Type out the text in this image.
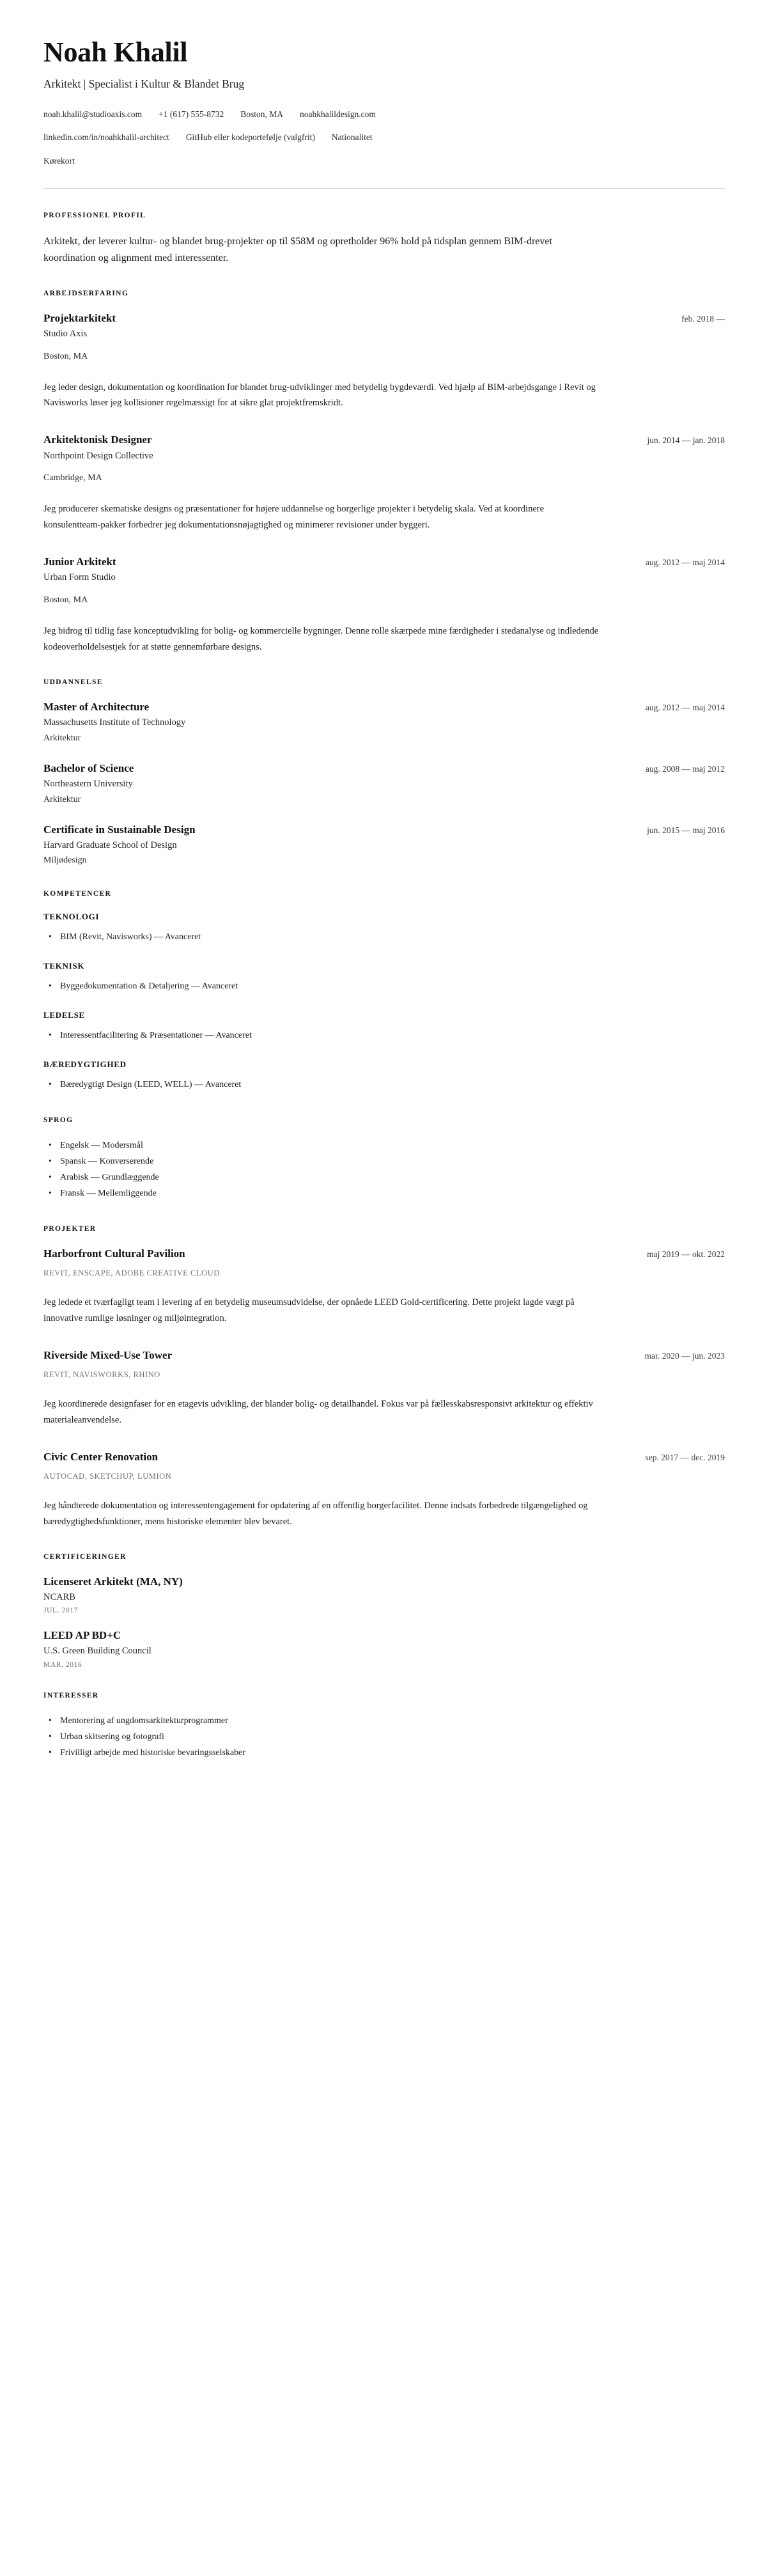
Noah Khalil
Arkitekt | Specialist i Kultur & Blandet Brug
noah.khalil@studioaxis.com +1 (617) 555-8732 Boston, MA noahkhalildesign.com
linkedin.com/in/noahkhalil-architect GitHub eller kodeportefølje (valgfrit) Nationalitet
Kørekort
PROFESSIONEL PROFIL

Arkitekt, der leverer kultur- og blandet brug-projekter op til $58M og opretholder 96% hold på tidsplan gennem BIM-drevet koordination og alignment med interessenter.

ARBEJDSERFARING
Projektarkitekt	feb. 2018 —
Studio Axis
Boston, MA

Jeg leder design, dokumentation og koordination for blandet brug-udviklinger med betydelig bygdeværdi. Ved hjælp af BIM-arbejdsgange i Revit og Navisworks løser jeg kollisioner regelmæssigt for at sikre glat projektfremskridt.

Arkitektonisk Designer	jun. 2014 — jan. 2018
Northpoint Design Collective
Cambridge, MA

Jeg producerer skematiske designs og præsentationer for højere uddannelse og borgerlige projekter i betydelig skala. Ved at koordinere konsulentteam-pakker forbedrer jeg dokumentationsnøjagtighed og minimerer revisioner under byggeri.

Junior Arkitekt	aug. 2012 — maj 2014
Urban Form Studio
Boston, MA

Jeg bidrog til tidlig fase konceptudvikling for bolig- og kommercielle bygninger. Denne rolle skærpede mine færdigheder i stedanalyse og indledende kodeoverholdelsestjek for at støtte gennemførbare designs.

UDDANNELSE
Master of Architecture	aug. 2012 — maj 2014
Massachusetts Institute of Technology
Arkitektur
Bachelor of Science	aug. 2008 — maj 2012
Northeastern University
Arkitektur
Certificate in Sustainable Design	jun. 2015 — maj 2016
Harvard Graduate School of Design
Miljødesign
KOMPETENCER
TEKNOLOGI
• BIM (Revit, Navisworks) — Avanceret
TEKNISK
• Byggedokumentation & Detaljering — Avanceret
LEDELSE
• Interessentfacilitering & Præsentationer — Avanceret
BÆREDYGTIGHED
• Bæredygtigt Design (LEED, WELL) — Avanceret
SPROG
• Engelsk — Modersmål
• Spansk — Konverserende
• Arabisk — Grundlæggende
• Fransk — Mellemliggende
PROJEKTER
Harborfront Cultural Pavilion	maj 2019 — okt. 2022
REVIT, ENSCAPE, ADOBE CREATIVE CLOUD

Jeg ledede et tværfagligt team i levering af en betydelig museumsudvidelse, der opnåede LEED Gold-certificering. Dette projekt lagde vægt på innovative rumlige løsninger og miljøintegration.

Riverside Mixed-Use Tower	mar. 2020 — jun. 2023
REVIT, NAVISWORKS, RHINO

Jeg koordinerede designfaser for en etagevis udvikling, der blander bolig- og detailhandel. Fokus var på fællesskabsresponsivt arkitektur og effektiv materialeanvendelse.

Civic Center Renovation	sep. 2017 — dec. 2019
AUTOCAD, SKETCHUP, LUMION

Jeg håndterede dokumentation og interessentengagement for opdatering af en offentlig borgerfacilitet. Denne indsats forbedrede tilgængelighed og bæredygtighedsfunktioner, mens historiske elementer blev bevaret.

CERTIFICERINGER
Licenseret Arkitekt (MA, NY)
NCARB
JUL. 2017
LEED AP BD+C
U.S. Green Building Council
MAR. 2016
INTERESSER
• Mentorering af ungdomsarkitekturprogrammer
• Urban skitsering og fotografi
• Frivilligt arbejde med historiske bevaringsselskaber
